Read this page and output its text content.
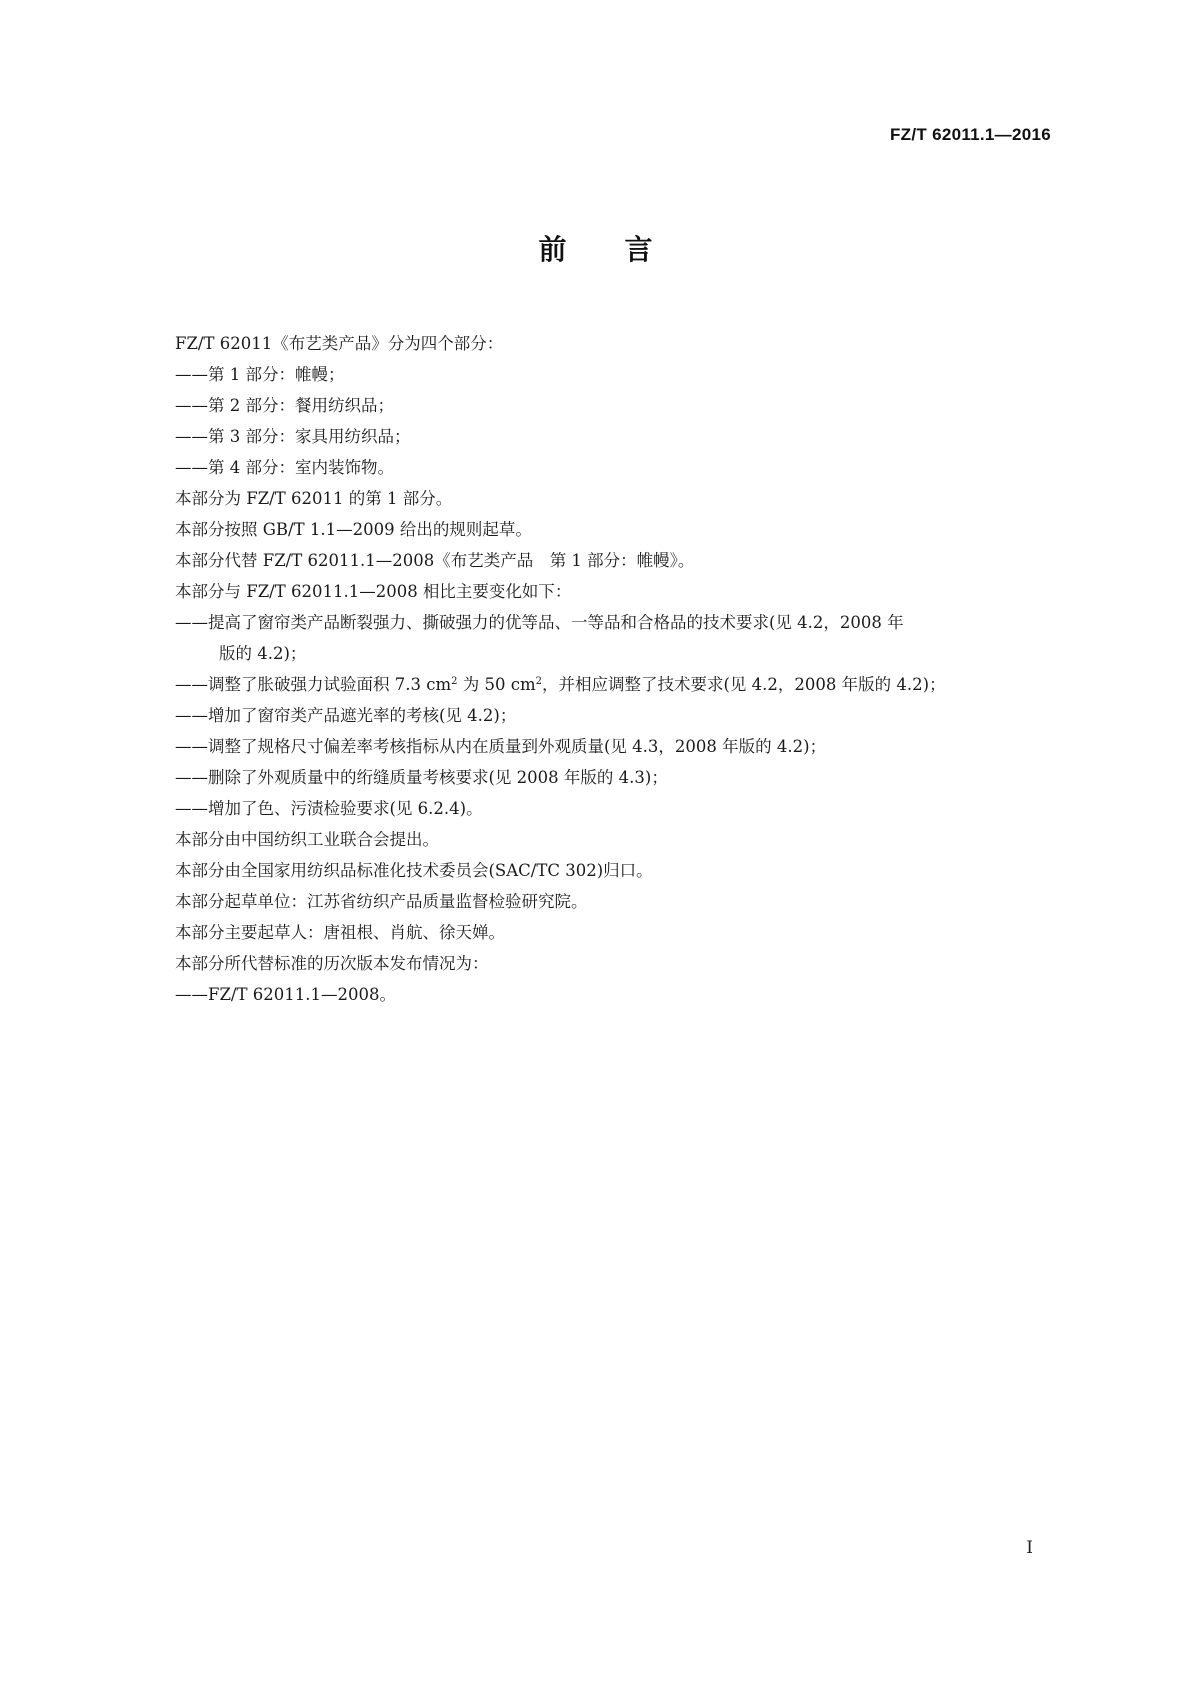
FZ/T 62011.1—2016
前言
FZ/T 62011《布艺类产品》分为四个部分：
——第 1 部分：帷幔；
——第 2 部分：餐用纺织品；
——第 3 部分：家具用纺织品；
——第 4 部分：室内装饰物。
本部分为 FZ/T 62011 的第 1 部分。
本部分按照 GB/T 1.1—2009 给出的规则起草。
本部分代替 FZ/T 62011.1—2008《布艺类产品　第 1 部分：帷幔》。
本部分与 FZ/T 62011.1—2008 相比主要变化如下：
——提高了窗帘类产品断裂强力、撕破强力的优等品、一等品和合格品的技术要求(见 4.2，2008 年
版的 4.2)；
——调整了胀破强力试验面积 7.3 $cm^2$ 为 50 $cm^2$，并相应调整了技术要求(见 4.2，2008 年版的 4.2)；
——增加了窗帘类产品遮光率的考核(见 4.2)；
——调整了规格尺寸偏差率考核指标从内在质量到外观质量(见 4.3，2008 年版的 4.2)；
——删除了外观质量中的绗缝质量考核要求(见 2008 年版的 4.3)；
——增加了色、污渍检验要求(见 6.2.4)。
本部分由中国纺织工业联合会提出。
本部分由全国家用纺织品标准化技术委员会(SAC/TC 302)归口。
本部分起草单位：江苏省纺织产品质量监督检验研究院。
本部分主要起草人：唐祖根、肖航、徐天婵。
本部分所代替标准的历次版本发布情况为：
——FZ/T 62011.1—2008。
I
